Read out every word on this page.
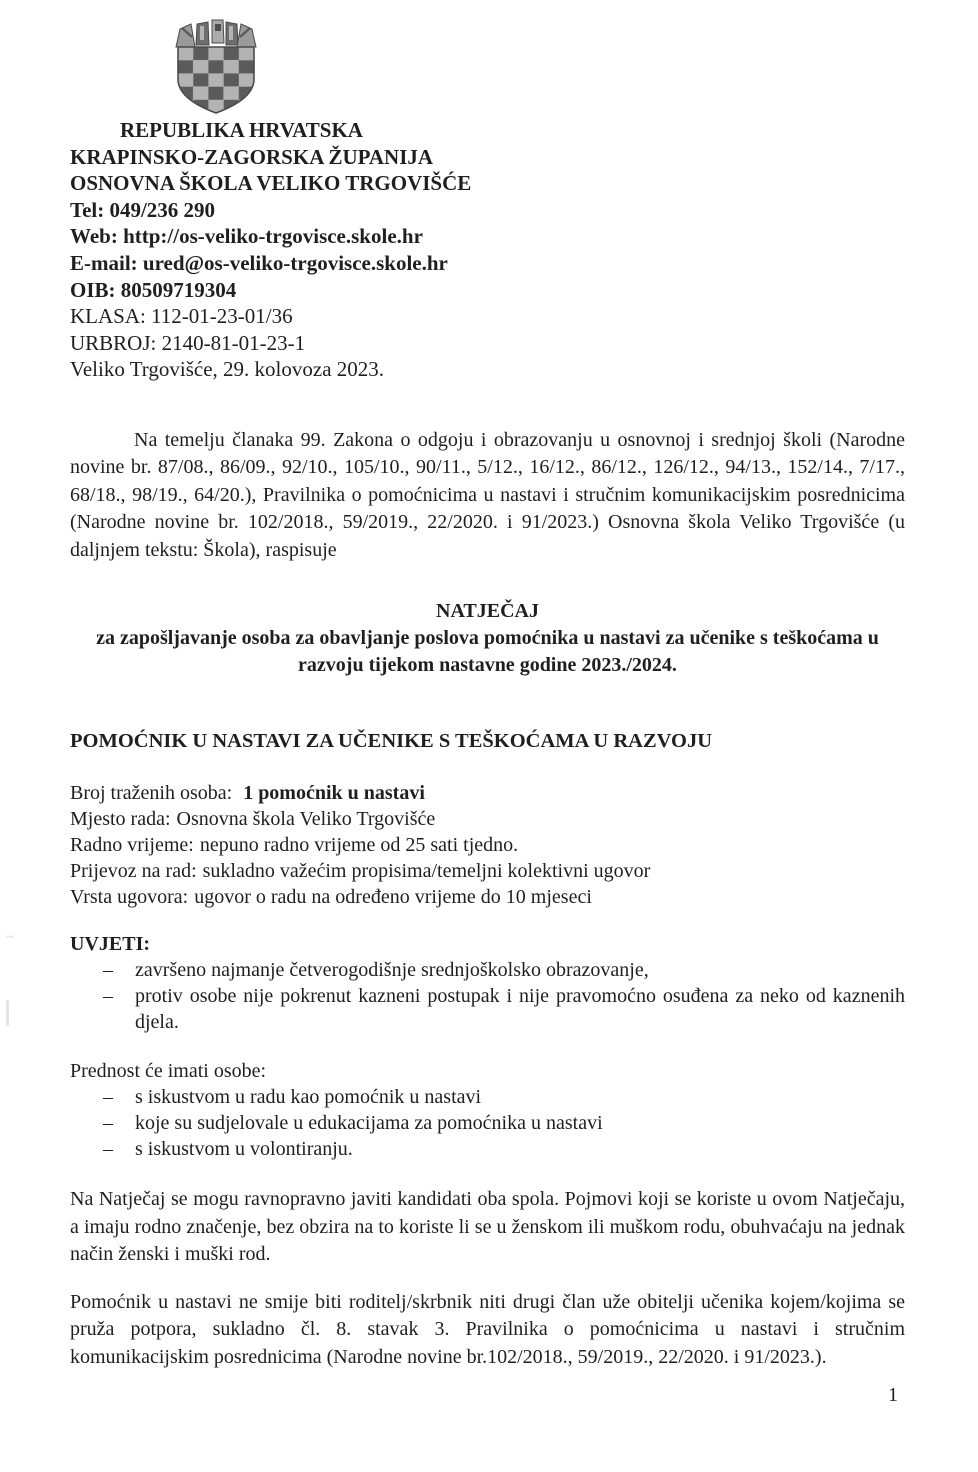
REPUBLIKA HRVATSKA
KRAPINSKO-ZAGORSKA ŽUPANIJA
OSNOVNA ŠKOLA VELIKO TRGOVIŠĆE
Tel: 049/236 290
Web: http://os-veliko-trgovisce.skole.hr
E-mail: ured@os-veliko-trgovisce.skole.hr
OIB: 80509719304
KLASA: 112-01-23-01/36
URBROJ: 2140-81-01-23-1
Veliko Trgovišće, 29. kolovoza 2023.

Na temelju članaka 99. Zakona o odgoju i obrazovanju u osnovnoj i srednjoj školi (Narodne novine br. 87/08., 86/09., 92/10., 105/10., 90/11., 5/12., 16/12., 86/12., 126/12., 94/13., 152/14., 7/17., 68/18., 98/19., 64/20.), Pravilnika o pomoćnicima u nastavi i stručnim komunikacijskim posrednicima (Narodne novine br. 102/2018., 59/2019., 22/2020. i 91/2023.) Osnovna škola Veliko Trgovišće (u daljnjem tekstu: Škola), raspisuje

NATJEČAJ
za zapošljavanje osoba za obavljanje poslova pomoćnika u nastavi za učenike s teškoćama u razvoju tijekom nastavne godine 2023./2024.
POMOĆNIK U NASTAVI ZA UČENIKE S TEŠKOĆAMA U RAZVOJU
Broj traženih osoba: 1 pomoćnik u nastavi
Mjesto rada: Osnovna škola Veliko Trgovišće
Radno vrijeme: nepuno radno vrijeme od 25 sati tjedno.
Prijevoz na rad: sukladno važećim propisima/temeljni kolektivni ugovor
Vrsta ugovora: ugovor o radu na određeno vrijeme do 10 mjeseci
UVJETI:
– završeno najmanje četverogodišnje srednjoškolsko obrazovanje,
– protiv osobe nije pokrenut kazneni postupak i nije pravomoćno osuđena za neko od kaznenih djela.
Prednost će imati osobe:
– s iskustvom u radu kao pomoćnik u nastavi
– koje su sudjelovale u edukacijama za pomoćnika u nastavi
– s iskustvom u volontiranju.

Na Natječaj se mogu ravnopravno javiti kandidati oba spola. Pojmovi koji se koriste u ovom Natječaju, a imaju rodno značenje, bez obzira na to koriste li se u ženskom ili muškom rodu, obuhvaćaju na jednak način ženski i muški rod.

Pomoćnik u nastavi ne smije biti roditelj/skrbnik niti drugi član uže obitelji učenika kojem/kojima se pruža potpora, sukladno čl. 8. stavak 3. Pravilnika o pomoćnicima u nastavi i stručnim komunikacijskim posrednicima (Narodne novine br.102/2018., 59/2019., 22/2020. i 91/2023.).

~
1
